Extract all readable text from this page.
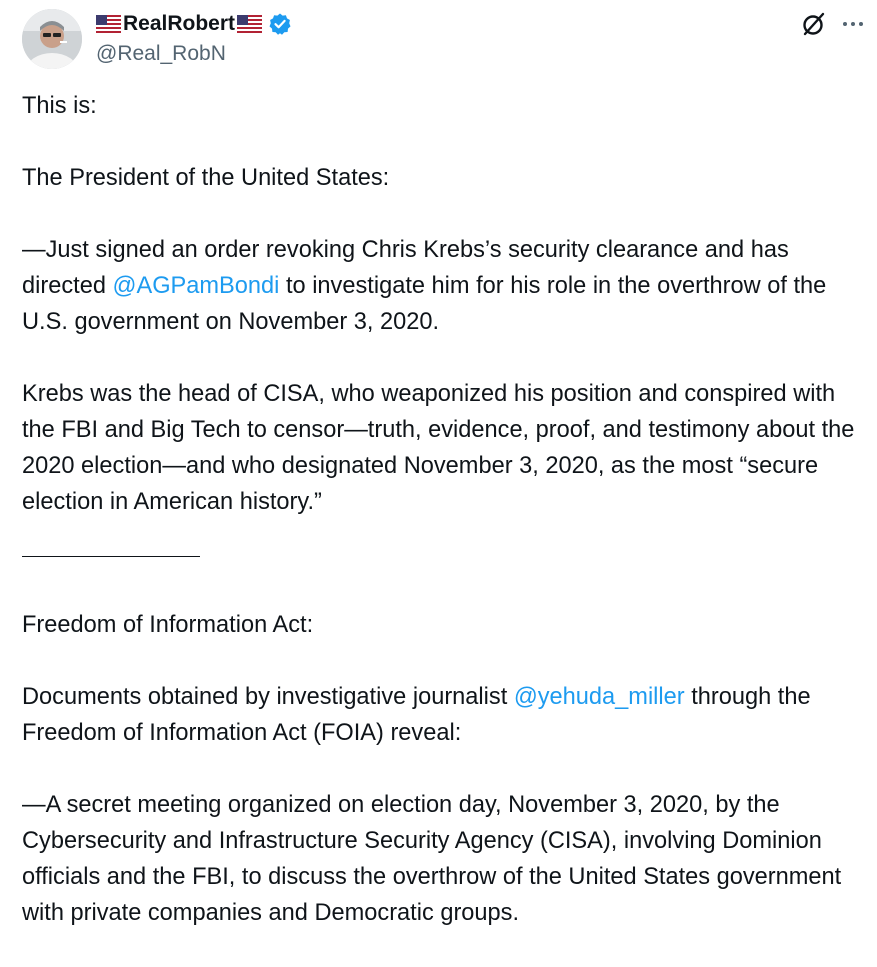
RealRobert
@Real_RobN

This is:

The President of the United States:

—Just signed an order revoking Chris Krebs’s security clearance and has directed @AGPamBondi to investigate him for his role in the overthrow of the U.S. government on November 3, 2020.

Krebs was the head of CISA, who weaponized his position and conspired with the FBI and Big Tech to censor—truth, evidence, proof, and testimony about the 2020 election—and who designated November 3, 2020, as the most “secure election in American history.”

Freedom of Information Act:

Documents obtained by investigative journalist @yehuda_miller through the Freedom of Information Act (FOIA) reveal:

—A secret meeting organized on election day, November 3, 2020, by the Cybersecurity and Infrastructure Security Agency (CISA), involving Dominion officials and the FBI, to discuss the overthrow of the United States government with private companies and Democratic groups.
